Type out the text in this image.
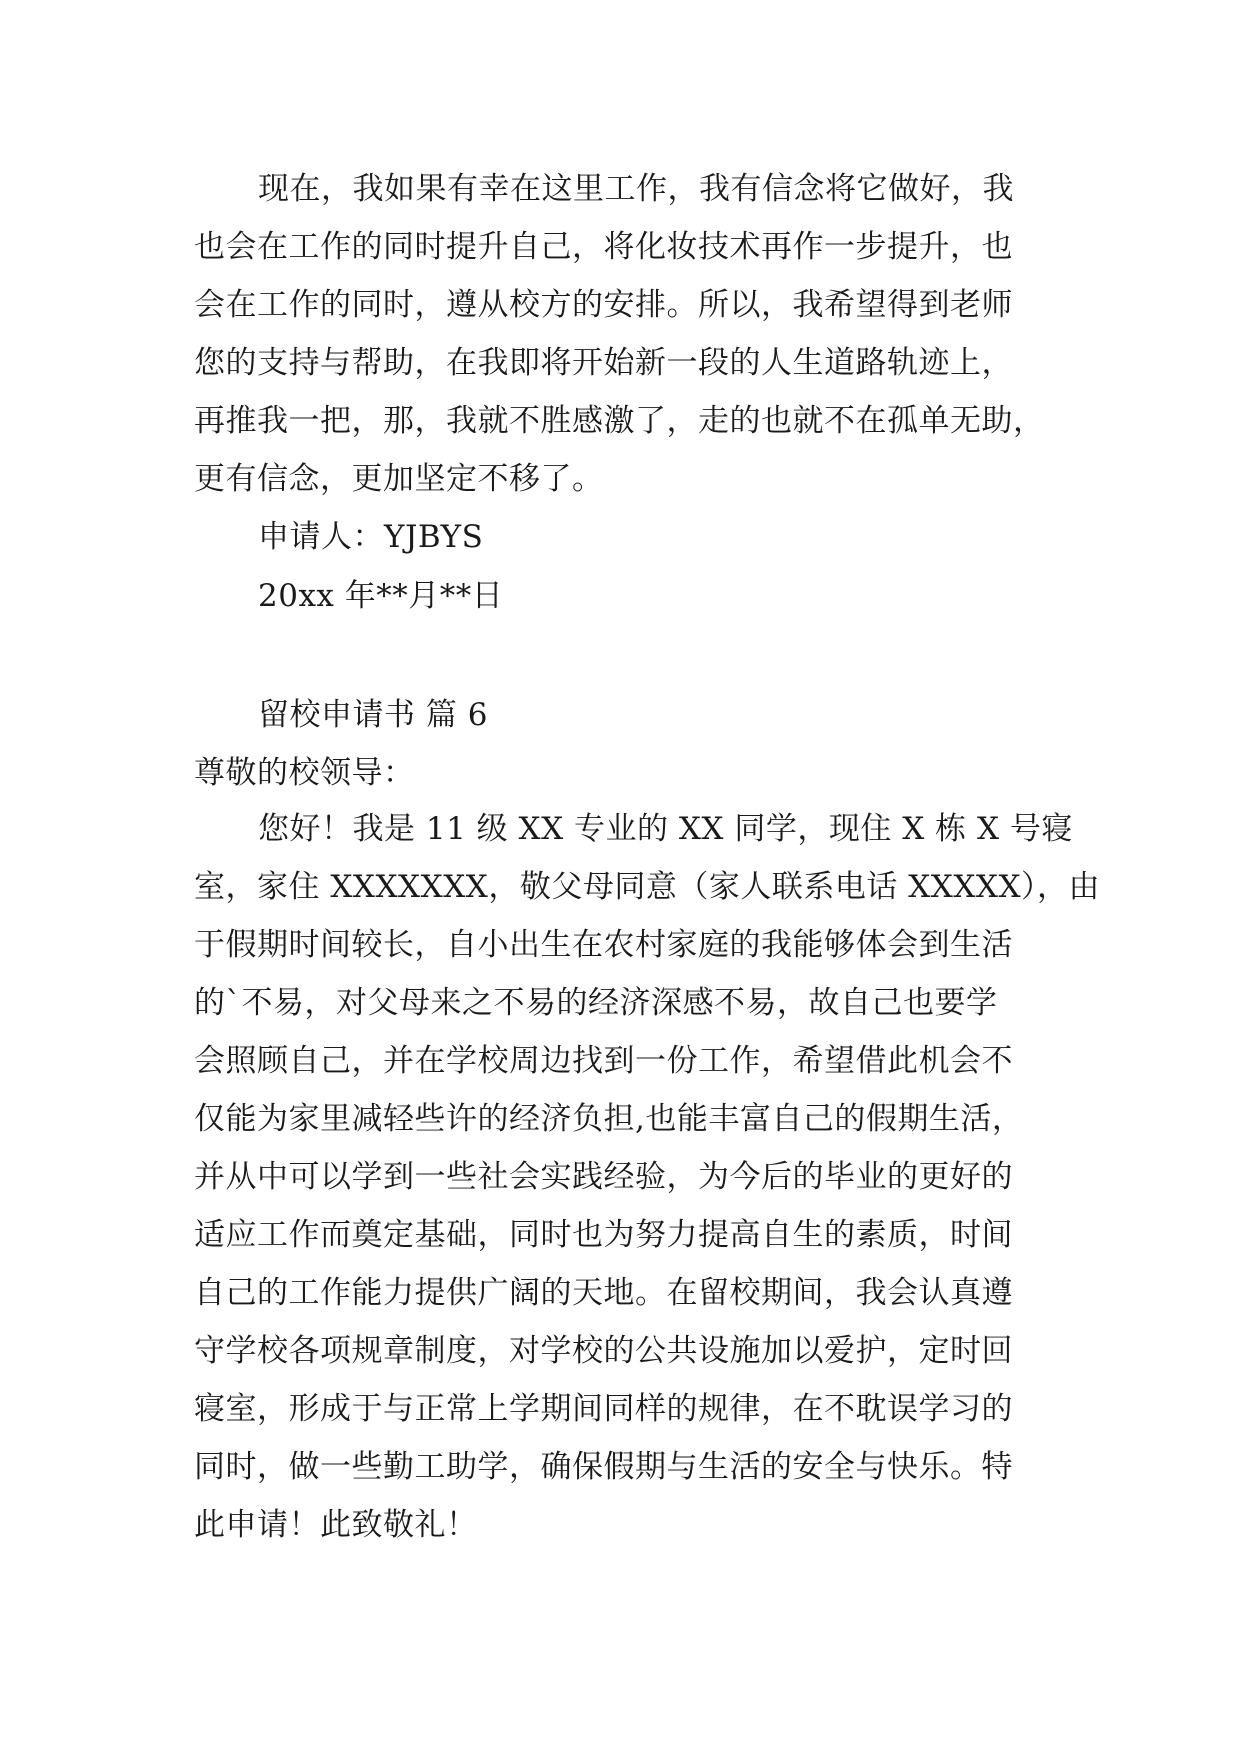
现在，我如果有幸在这里工作，我有信念将它做好，我
也会在工作的同时提升自己，将化妆技术再作一步提升，也
会在工作的同时，遵从校方的安排。所以，我希望得到老师
您的支持与帮助，在我即将开始新一段的人生道路轨迹上，
再推我一把，那，我就不胜感激了，走的也就不在孤单无助，
更有信念，更加坚定不移了。
申请人：YJBYS
20xx 年**月**日
留校申请书 篇 6
尊敬的校领导：
您好！我是 11 级 XX 专业的 XX 同学，现住 X 栋 X 号寝
室，家住 XXXXXXX，敬父母同意（家人联系电话 XXXXX），由
于假期时间较长，自小出生在农村家庭的我能够体会到生活
的`不易，对父母来之不易的经济深感不易，故自己也要学
会照顾自己，并在学校周边找到一份工作，希望借此机会不
仅能为家里减轻些许的经济负担,也能丰富自己的假期生活，
并从中可以学到一些社会实践经验，为今后的毕业的更好的
适应工作而奠定基础，同时也为努力提高自生的素质，时间
自己的工作能力提供广阔的天地。在留校期间，我会认真遵
守学校各项规章制度，对学校的公共设施加以爱护，定时回
寝室，形成于与正常上学期间同样的规律，在不耽误学习的
同时，做一些勤工助学，确保假期与生活的安全与快乐。特
此申请！此致敬礼！
